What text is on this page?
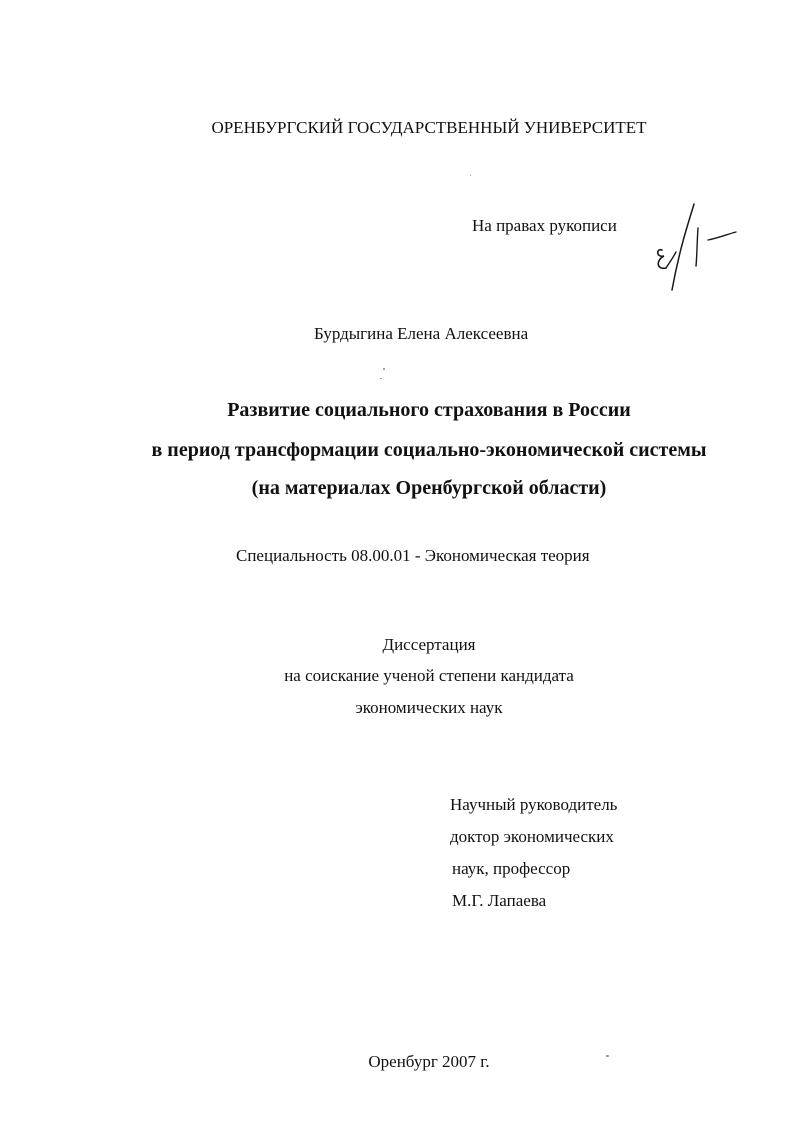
ОРЕНБУРГСКИЙ ГОСУДАРСТВЕННЫЙ УНИВЕРСИТЕТ
На правах рукописи
Бурдыгина Елена Алексеевна
Развитие социального страхования в России
в период трансформации социально-экономической системы
(на материалах Оренбургской области)
Специальность 08.00.01 - Экономическая теория
Диссертация
на соискание ученой степени кандидата
экономических наук
Научный руководитель
доктор экономических
наук, профессор
М.Г. Лапаева
Оренбург 2007 г.
